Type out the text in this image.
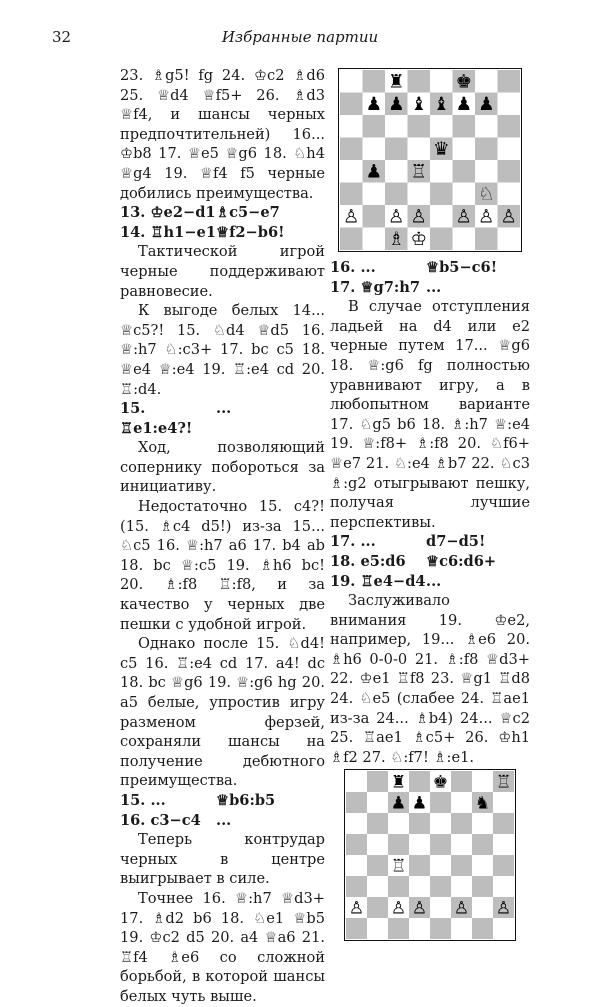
32	Избранные партии

23. ♗g5! fg 24. ♔c2 ♗d6 25. ♕d4 ♕f5+ 26. ♗d3 ♕f4, и шансы черных предпочтительней) 16... ♔b8 17. ♕e5 ♕g6 18. ♘h4 ♕g4 19. ♕f4 f5 черные добились преимущества.

13. ♔e2−d1 ♗c5−e7
14. ♖h1−e1 ♕f2−b6!

Тактической игрой черные поддерживают равновесие.

К выгоде белых 14... ♕c5?! 15. ♘d4 ♕d5 16. ♕:h7 ♘:c3+ 17. bc c5 18. ♕e4 ♕:e4 19. ♖:e4 cd 20. ♖:d4.

15. ♖e1:e4?!
...

Ход, позволяющий сопернику побороться за инициативу.

Недостаточно 15. c4?! (15. ♗c4 d5!) из-за 15... ♘c5 16. ♕:h7 a6 17. b4 ab 18. bc ♕:c5 19. ♗h6 bc! 20. ♗:f8 ♖:f8, и за качество у черных две пешки с удобной игрой.

Однако после 15. ♘d4! c5 16. ♖:e4 cd 17. a4! dc 18. bc ♕g6 19. ♕:g6 hg 20. a5 белые, упростив игру разменом ферзей, сохраняли шансы на получение дебютного преимущества.

15. ...	♕b6:b5
16. c3−c4	...

Теперь контрудар черных в центре выигрывает в силе.

Точнее 16. ♕:h7 ♕d3+ 17. ♗d2 b6 18. ♘e1 ♕b5 19. ♔c2 d5 20. a4 ♕a6 21. ♖f4 ♗e6 со сложной борьбой, в которой шансы белых чуть выше.

♜	♚
♟ ♟ ♝ ♝ ♟ ♟
♛
♟ ♖
♘
♙ ♙ ♙ ♙ ♙ ♙
♗ ♔
16. ...	♕b5−c6!
17. ♕g7:h7 ...

В случае отступления ладьей на d4 или e2 черные путем 17... ♕g6 18. ♕:g6 fg полностью уравнивают игру, а в любопытном варианте 17. ♘g5 b6 18. ♗:h7 ♕:e4 19. ♕:f8+ ♗:f8 20. ♘f6+ ♕e7 21. ♘:e4 ♗b7 22. ♘c3 ♗:g2 отыгрывают пешку, получая лучшие перспективы.

17. ...	d7−d5!
18. e5:d6	♕c6:d6+
19. ♖e4−d4 ...

Заслуживало внимания 19. ♔e2, например, 19... ♗e6 20. ♗h6 0-0-0 21. ♗:f8 ♕d3+ 22. ♔e1 ♖f8 23. ♕g1 ♖d8 24. ♘e5 (слабее 24. ♖ae1 из-за 24... ♗b4) 24... ♕c2 25. ♖ae1 ♗c5+ 26. ♔h1 ♗f2 27. ♘:f7! ♗:e1.

♜ ♚	♖
♟ ♟	♞
♖
♙ ♙ ♙ ♙ ♙
